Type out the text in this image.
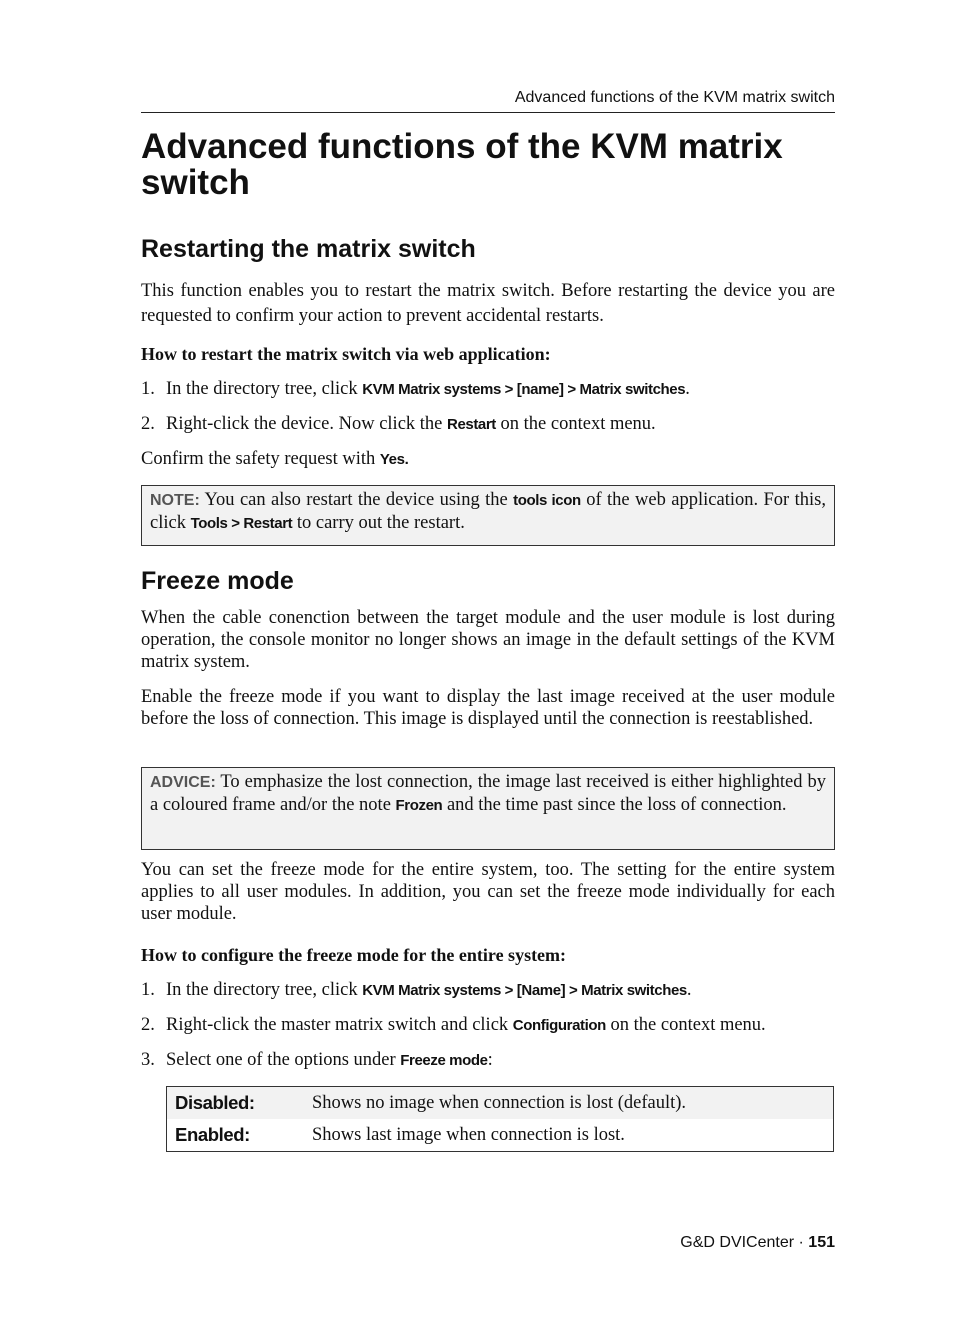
Advanced functions of the KVM matrix switch
Advanced functions of the KVM matrix switch
Restarting the matrix switch

This function enables you to restart the matrix switch. Before restarting the device you are requested to confirm your action to prevent accidental restarts.

How to restart the matrix switch via web application:
1. In the directory tree, click KVM Matrix systems > [name] > Matrix switches.
2. Right-click the device. Now click the Restart on the context menu.
Confirm the safety request with Yes.
NOTE: You can also restart the device using the tools icon of the web application. For this, click Tools > Restart to carry out the restart.
Freeze mode

When the cable conenction between the target module and the user module is lost during operation, the console monitor no longer shows an image in the default settings of the KVM matrix system.

Enable the freeze mode if you want to display the last image received at the user module before the loss of connection. This image is displayed until the connection is reestablished.

ADVICE: To emphasize the lost connection, the image last received is either highlighted by a coloured frame and/or the note Frozen and the time past since the loss of connection.

You can set the freeze mode for the entire system, too. The setting for the entire system applies to all user modules. In addition, you can set the freeze mode individually for each user module.

How to configure the freeze mode for the entire system:
1. In the directory tree, click KVM Matrix systems > [Name] > Matrix switches.
2. Right-click the master matrix switch and click Configuration on the context menu.
3. Select one of the options under Freeze mode:
Disabled:	Shows no image when connection is lost (default).
Enabled:	Shows last image when connection is lost.
G&D DVICenter · 151
